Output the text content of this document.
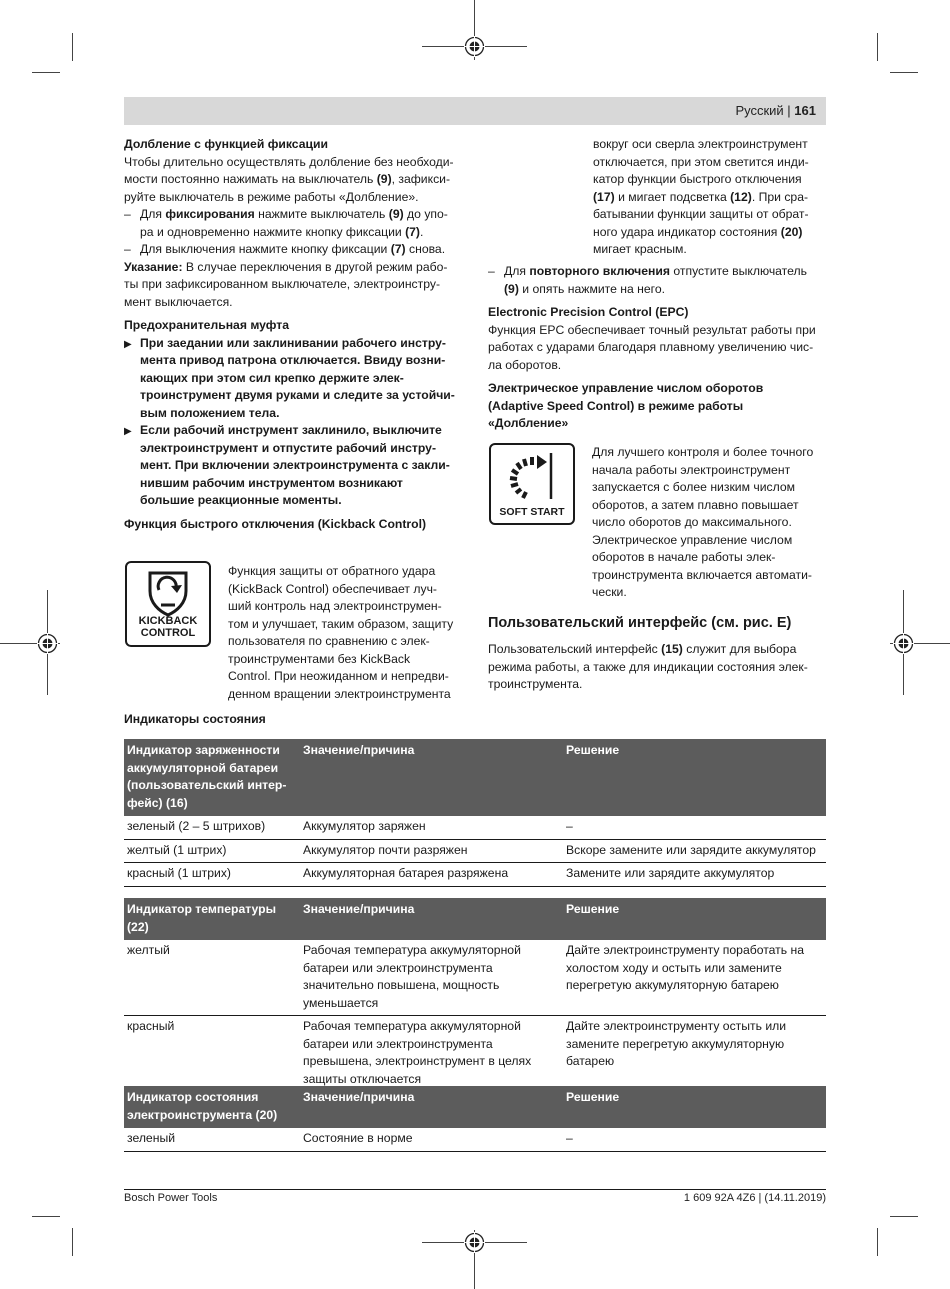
Русский | 161
Долбление с функцией фиксации

Чтобы длительно осуществлять долбление без необходи-
мости постоянно нажимать на выключатель (9), зафикси-
руйте выключатель в режиме работы «Долбление».

– Для фиксирования нажмите выключатель (9) до упо-
ра и одновременно нажмите кнопку фиксации (7).
– Для выключения нажмите кнопку фиксации (7) снова.

Указание: В случае переключения в другой режим рабо-
ты при зафиксированном выключателе, электроинстру-
мент выключается.

Предохранительная муфта
▶ При заедании или заклинивании рабочего инстру-
мента привод патрона отключается. Ввиду возни-
кающих при этом сил крепко держите элек-
троинструмент двумя руками и следите за устойчи-
вым положением тела.
▶ Если рабочий инструмент заклинило, выключите
электроинструмент и отпустите рабочий инстру-
мент. При включении электроинструмента с закли-
нившим рабочим инструментом возникают
большие реакционные моменты.
Функция быстрого отключения (Kickback Control)
KICKBACK
CONTROL

Функция защиты от обратного удара
(KickBack Control) обеспечивает луч-
ший контроль над электроинструмен-
том и улучшает, таким образом, защиту
пользователя по сравнению с элек-
троинструментами без KickBack
Control. При неожиданном и непредви-
денном вращении электроинструмента

вокруг оси сверла электроинструмент
отключается, при этом светится инди-
катор функции быстрого отключения
(17) и мигает подсветка (12). При сра-
батывании функции защиты от обрат-
ного удара индикатор состояния (20)
мигает красным.

– Для повторного включения отпустите выключатель
(9) и опять нажмите на него.
Electronic Precision Control (EPC)

Функция EPC обеспечивает точный результат работы при
работах с ударами благодаря плавному увеличению чис-
ла оборотов.

Электрическое управление числом оборотов
(Adaptive Speed Control) в режиме работы
«Долбление»
SOFT START

Для лучшего контроля и более точного
начала работы электроинструмент
запускается с более низким числом
оборотов, а затем плавно повышает
число оборотов до максимального.
Электрическое управление числом
оборотов в начале работы элек-
троинструмента включается автомати-
чески.

Пользовательский интерфейс (см. рис. E)

Пользовательский интерфейс (15) служит для выбора
режима работы, а также для индикации состояния элек-
троинструмента.

Индикаторы состояния
Индикатор заряженности аккумуляторной батареи (пользовательский интер-фейс) (16)	Значение/причина	Решение
зеленый (2 – 5 штрихов)	Аккумулятор заряжен	–
желтый (1 штрих)	Аккумулятор почти разряжен	Вскоре замените или зарядите аккумулятор
красный (1 штрих)	Аккумуляторная батарея разряжена	Замените или зарядите аккумулятор
Индикатор температуры (22)	Значение/причина	Решение
желтый	Рабочая температура аккумуляторной батареи или электроинструмента значительно повышена, мощность уменьшается	Дайте электроинструменту поработать на холостом ходу и остыть или замените перегретую аккумуляторную батарею
красный	Рабочая температура аккумуляторной батареи или электроинструмента превышена, электроинструмент в целях защиты отключается	Дайте электроинструменту остыть или замените перегретую аккумуляторную батарею
Индикатор состояния электроинструмента (20)	Значение/причина	Решение
зеленый	Состояние в норме	–
Bosch Power Tools	1 609 92A 4Z6 | (14.11.2019)
